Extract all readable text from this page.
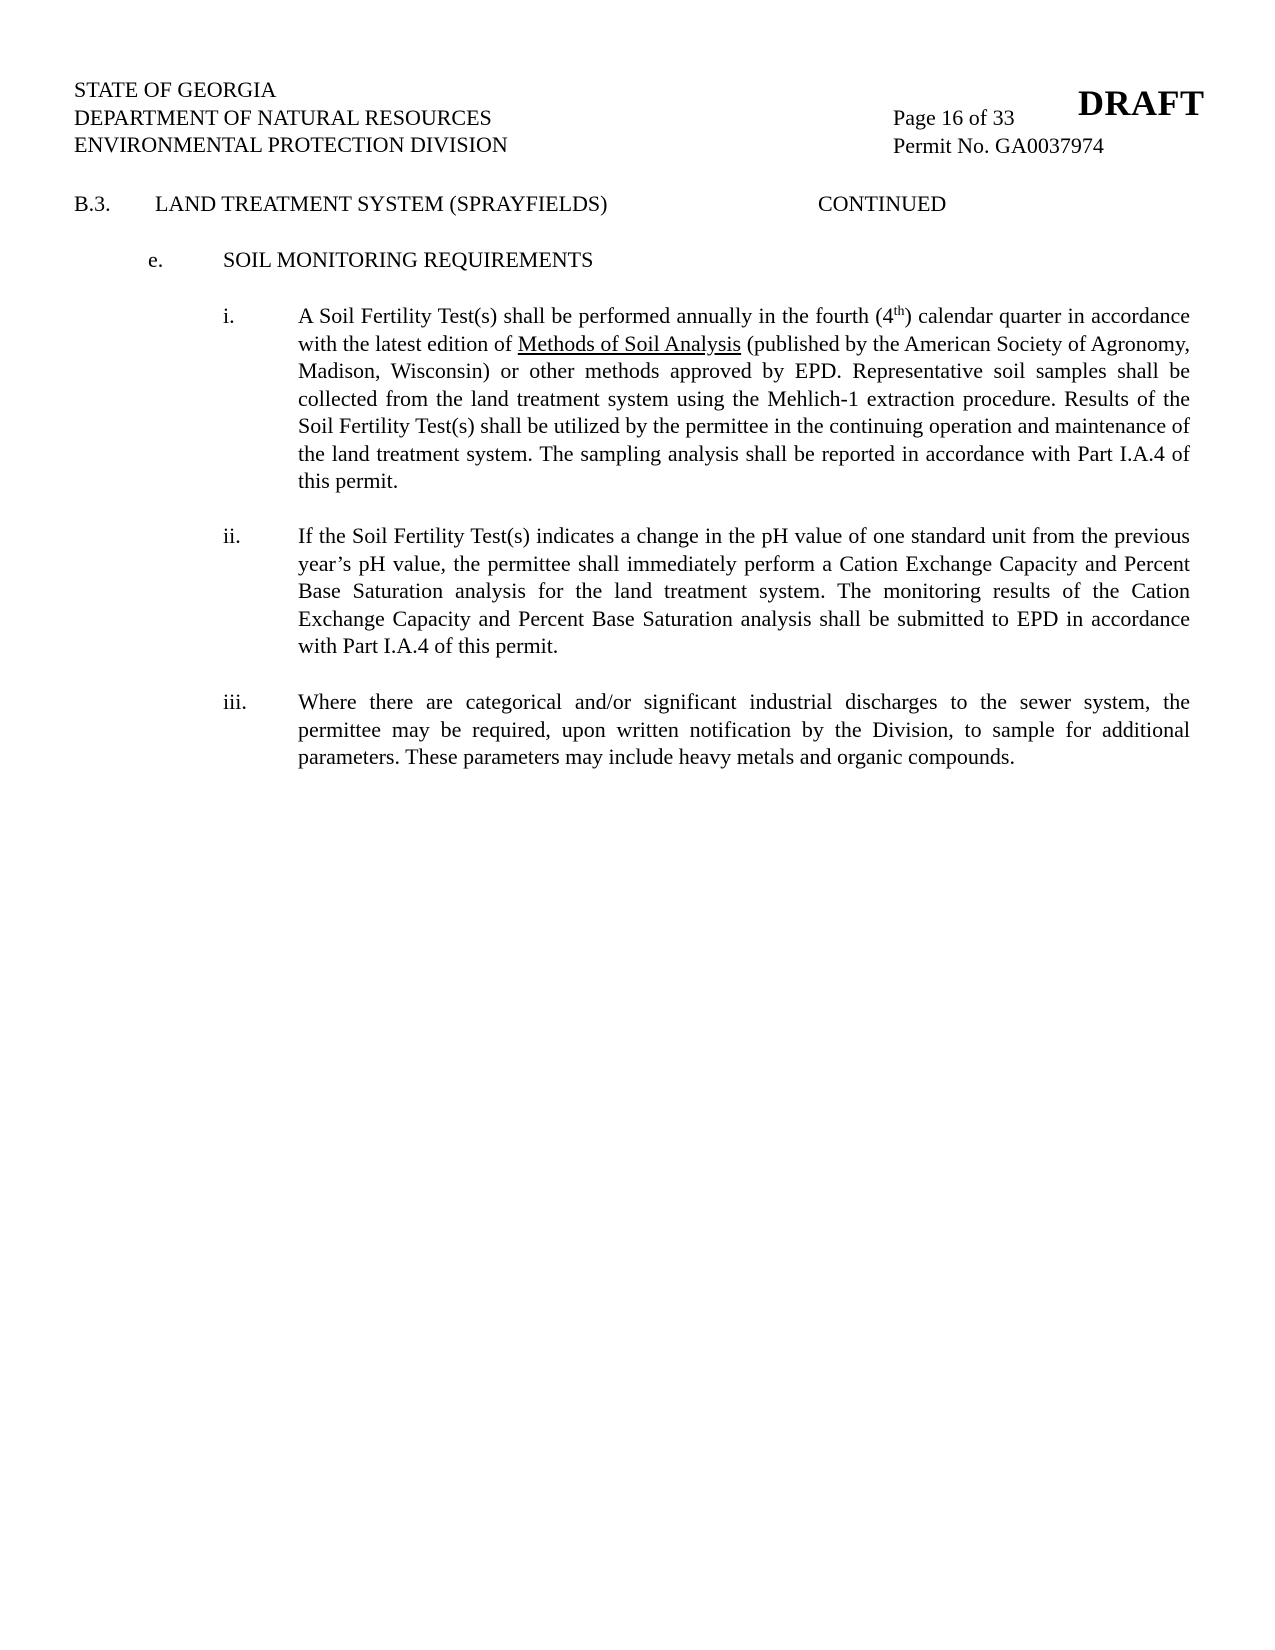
STATE OF GEORGIA
DEPARTMENT OF NATURAL RESOURCES
ENVIRONMENTAL PROTECTION DIVISION
Page 16 of 33
Permit No. GA0037974
DRAFT
B.3. LAND TREATMENT SYSTEM (SPRAYFIELDS)	CONTINUED
e.	SOIL MONITORING REQUIREMENTS
i.	A Soil Fertility Test(s) shall be performed annually in the fourth (4th) calendar quarter in accordance with the latest edition of Methods of Soil Analysis (published by the American Society of Agronomy, Madison, Wisconsin) or other methods approved by EPD. Representative soil samples shall be collected from the land treatment system using the Mehlich-1 extraction procedure. Results of the Soil Fertility Test(s) shall be utilized by the permittee in the continuing operation and maintenance of the land treatment system. The sampling analysis shall be reported in accordance with Part I.A.4 of this permit.
ii.	If the Soil Fertility Test(s) indicates a change in the pH value of one standard unit from the previous year’s pH value, the permittee shall immediately perform a Cation Exchange Capacity and Percent Base Saturation analysis for the land treatment system. The monitoring results of the Cation Exchange Capacity and Percent Base Saturation analysis shall be submitted to EPD in accordance with Part I.A.4 of this permit.
iii. Where there are categorical and/or significant industrial discharges to the sewer system, the permittee may be required, upon written notification by the Division, to sample for additional parameters. These parameters may include heavy metals and organic compounds.
